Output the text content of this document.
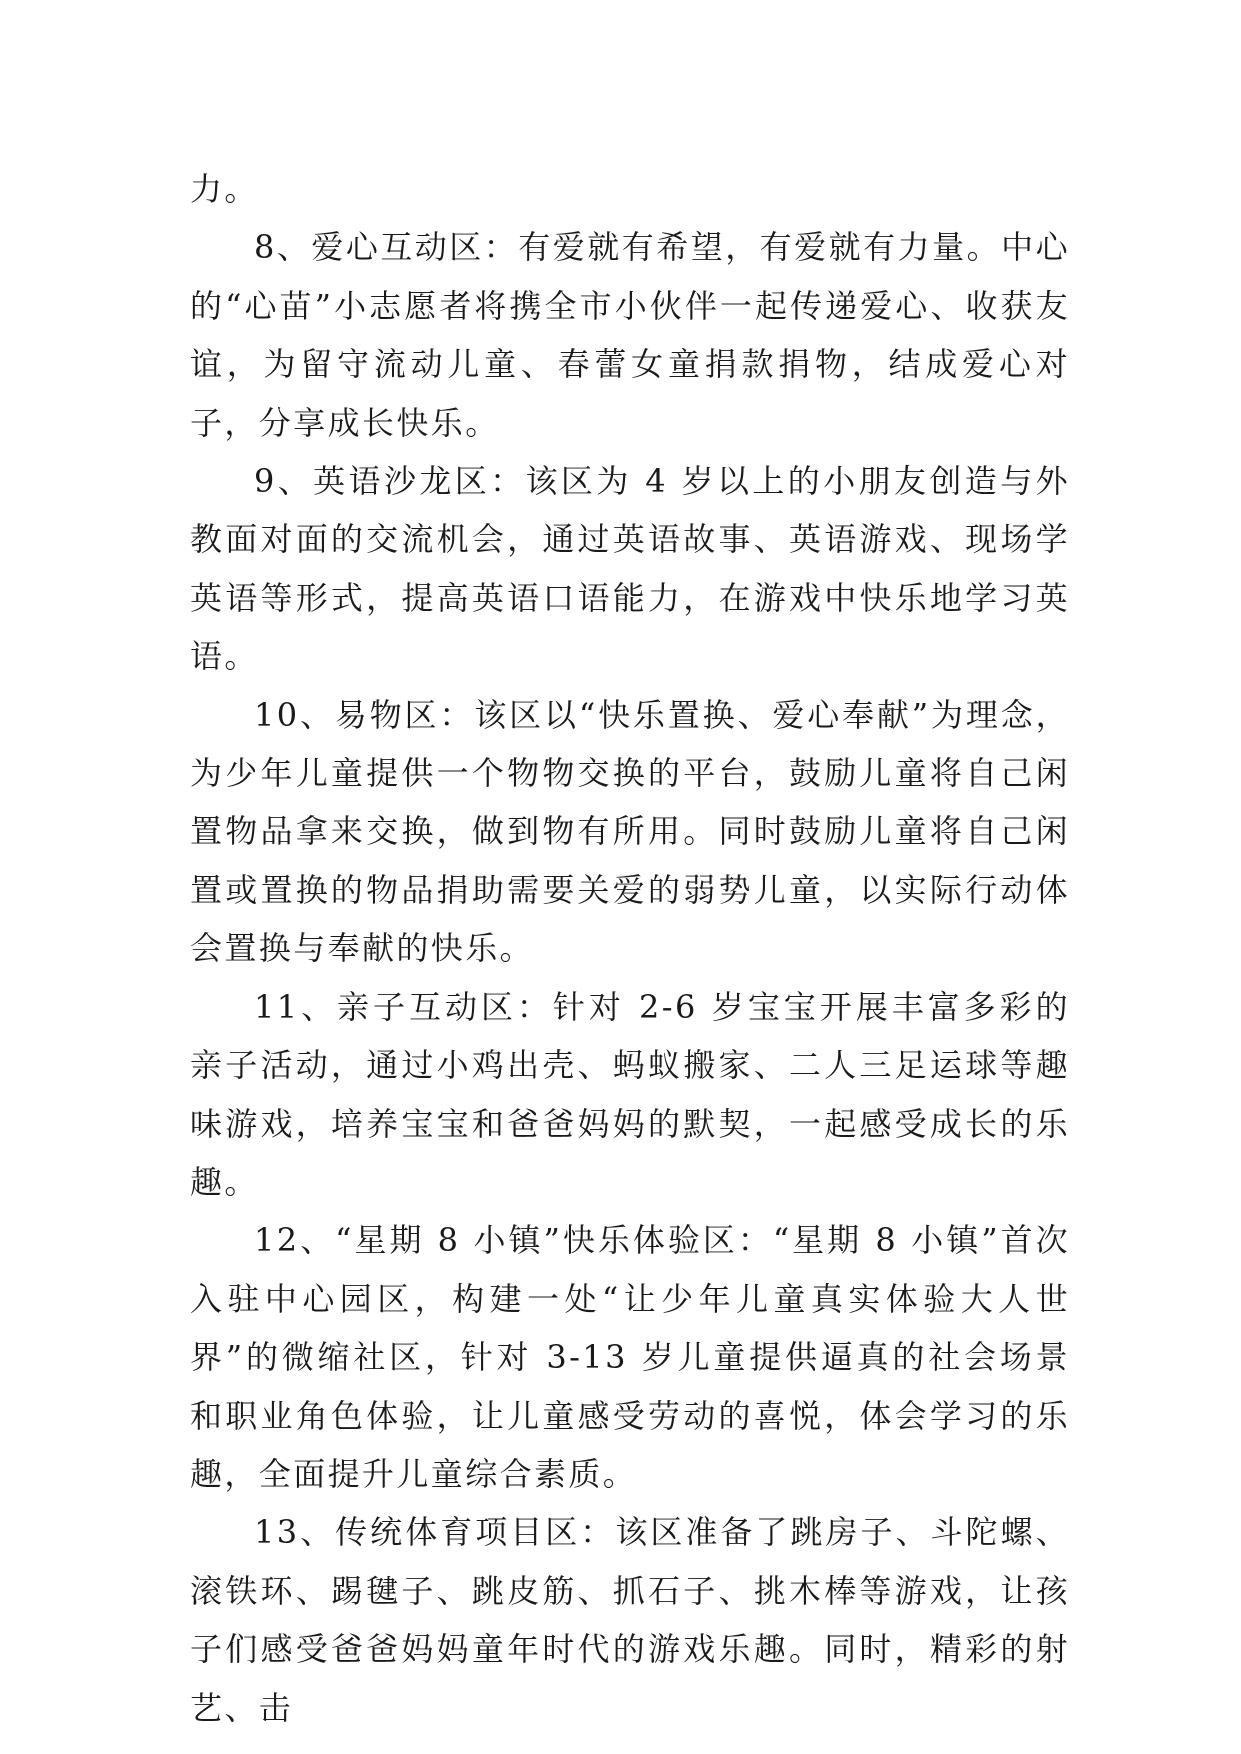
力。

8、爱心互动区：有爱就有希望，有爱就有力量。中心的“心苗”小志愿者将携全市小伙伴一起传递爱心、收获友谊，为留守流动儿童、春蕾女童捐款捐物，结成爱心对子，分享成长快乐。

9、英语沙龙区：该区为 4 岁以上的小朋友创造与外教面对面的交流机会，通过英语故事、英语游戏、现场学英语等形式，提高英语口语能力，在游戏中快乐地学习英语。

10、易物区：该区以“快乐置换、爱心奉献”为理念，为少年儿童提供一个物物交换的平台，鼓励儿童将自己闲置物品拿来交换，做到物有所用。同时鼓励儿童将自己闲置或置换的物品捐助需要关爱的弱势儿童，以实际行动体会置换与奉献的快乐。

11、亲子互动区：针对 2-6 岁宝宝开展丰富多彩的亲子活动，通过小鸡出壳、蚂蚁搬家、二人三足运球等趣味游戏，培养宝宝和爸爸妈妈的默契，一起感受成长的乐趣。

12、“星期 8 小镇”快乐体验区：“星期 8 小镇”首次入驻中心园区，构建一处“让少年儿童真实体验大人世界”的微缩社区，针对 3-13 岁儿童提供逼真的社会场景和职业角色体验，让儿童感受劳动的喜悦，体会学习的乐趣，全面提升儿童综合素质。

13、传统体育项目区：该区准备了跳房子、斗陀螺、滚铁环、踢毽子、跳皮筋、抓石子、挑木棒等游戏，让孩子们感受爸爸妈妈童年时代的游戏乐趣。同时，精彩的射艺、击
